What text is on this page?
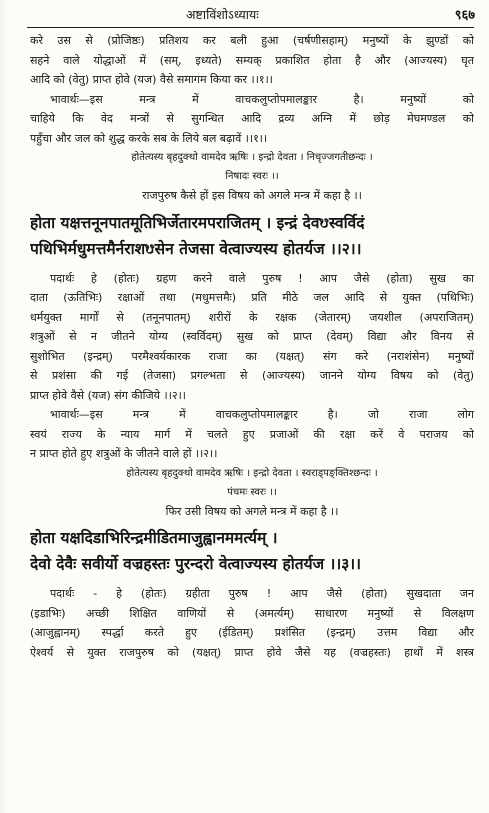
अष्टाविंशोऽध्यायः	९६७
करे उस से (प्रोजिष्ठः) प्रतिशय कर बली हुआ (चर्षणीसहाम्) मनुष्यों के झुण्डों को
सहने वाले योद्धाओं में (सम्, इध्यते) सम्यक् प्रकाशित होता है और (आज्यस्य) घृत
आदि को (वेतु) प्राप्त होवे (यज) वैसे समागम किया कर ।।१।।
भावार्थः—इस मन्त्र में वाचकलुप्तोपमालङ्कार है। मनुष्यों को
चाहिये कि वेद मन्त्रों से सुगन्धित आदि द्रव्य अग्नि में छोड़ मेघमण्डल को
पहुँचा और जल को शुद्ध करके सब के लिये बल बढ़ावें ।।१।।
होतेत्यस्य बृहदुक्थो वामदेव ऋषिः । इन्द्रो देवता । निचृज्जगतीछन्दः ।
निषादः स्वरः ।।
राजपुरुष कैसे हों इस विषय को अगले मन्त्र में कहा है ।।
होता यक्षत्तनूनपातमूतिभिर्जेतारमपराजितम् । इन्द्रं देवᳪस्वर्विदं
पथिभिर्मधुमत्तमैर्नराशᳪसेन तेजसा वेत्वाज्यस्य होतर्यज ।।२।।
पदार्थः हे (होतः) ग्रहण करने वाले पुरुष ! आप जैसे (होता) सुख का
दाता (ऊतिभिः) रक्षाओं तथा (मधुमत्तमैः) प्रति मीठे जल आदि से युक्त (पथिभिः)
धर्मयुक्त मार्गों से (तनूनपातम्) शरीरों के रक्षक (जेतारम्) जयशील (अपराजितम्)
शत्रुओं से न जीतने योग्य (स्वर्विदम्) सुख को प्राप्त (देवम्) विद्या और विनय से
सुशोभित (इन्द्रम्) परमैश्वर्यकारक राजा का (यक्षत्) संग करे (नराशंसेन) मनुष्यों
से प्रशंसा की गई (तेजसा) प्रगल्भता से (आज्यस्य) जानने योग्य विषय को (वेतु)
प्राप्त होवे वैसे (यज) संग कीजिये ।।२।।
भावार्थः—इस मन्त्र में वाचकलुप्तोपमालङ्कार है। जो राजा लोग
स्वयं राज्य के न्याय मार्ग में चलते हुए प्रजाओं की रक्षा करें वे पराजय को
न प्राप्त होते हुए शत्रुओं के जीतने वाले हों ।।२।।
होतेत्यस्य बृहदुक्थो वामदेव ऋषिः । इन्द्रो देवता । स्वराड्पङ्क्तिश्छन्दः ।
पंचमः स्वरः ।।
फिर उसी विषय को अगले मन्त्र में कहा है ।।
होता यक्षदिडाभिरिन्द्रमीडितमाजुह्वानममर्त्यम् ।
देवो देवैः सवीर्यो वज्रहस्तः पुरन्दरो वेत्वाज्यस्य होतर्यज ।।३।।
पदार्थः - हे (होतः) ग्रहीता पुरुष ! आप जैसे (होता) सुखदाता जन
(इडाभिः) अच्छी शिक्षित वाणियों से (अमर्त्यम्) साधारण मनुष्यों से विलक्षण
(आजुह्वानम्) स्पर्द्धा करते हुए (ईडितम्) प्रशंसित (इन्द्रम्) उत्तम विद्या और
ऐश्वर्य से युक्त राजपुरुष को (यक्षत्) प्राप्त होवे जैसे यह (वज्रहस्तः) हाथों में शस्त्र
